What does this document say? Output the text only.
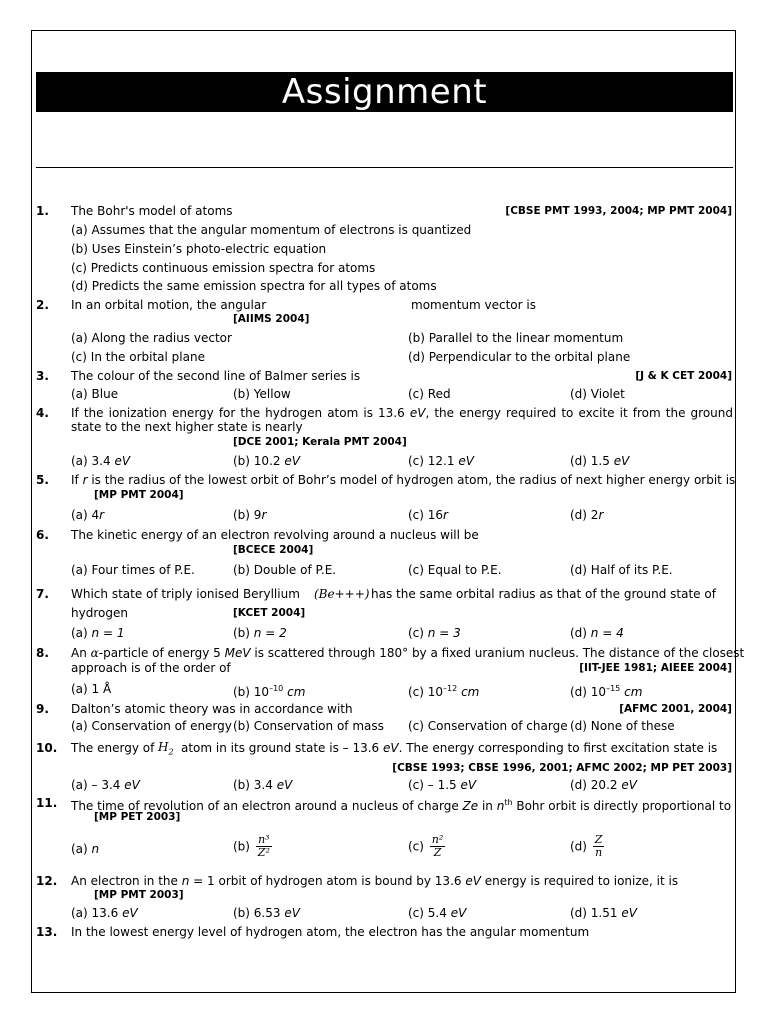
Assignment
1. The Bohr's model of atoms	[CBSE PMT 1993, 2004; MP PMT 2004]
(a) Assumes that the angular momentum of electrons is quantized
(b) Uses Einstein’s photo-electric equation
(c) Predicts continuous emission spectra for atoms
(d) Predicts the same emission spectra for all types of atoms
2. In an orbital motion, the angular	momentum vector is
[AIIMS 2004]
(a) Along the radius vector	(b) Parallel to the linear momentum
(c) In the orbital plane	(d) Perpendicular to the orbital plane
3. The colour of the second line of Balmer series is	[J & K CET 2004]
(a) Blue	(b) Yellow	(c) Red	(d) Violet
4. If the ionization energy for the hydrogen atom is 13.6 eV, the energy required to excite it from the ground state to the next higher state is nearly
[DCE 2001; Kerala PMT 2004]
(a) 3.4 eV	(b) 10.2 eV	(c) 12.1 eV	(d) 1.5 eV
5. If r is the radius of the lowest orbit of Bohr’s model of hydrogen atom, the radius of next higher energy orbit is
[MP PMT 2004]
(a) 4r	(b) 9r	(c) 16r	(d) 2r
6. The kinetic energy of an electron revolving around a nucleus will be
[BCECE 2004]
(a) Four times of P.E.	(b) Double of P.E.	(c) Equal to P.E.	(d) Half of its P.E.
7. Which state of triply ionised Beryllium (Be+++) has the same orbital radius as that of the ground state of
hydrogen	[KCET 2004]
(a) n = 1	(b) n = 2	(c) n = 3	(d) n = 4
8. An α-particle of energy 5 MeV is scattered through 180° by a fixed uranium nucleus. The distance of the closest
approach is of the order of	[IIT-JEE 1981; AIEEE 2004]
(a) 1 Å	(b) $10^{-10}$ cm	(c) $10^{-12}$ cm	(d) $10^{-15}$ cm
9. Dalton’s atomic theory was in accordance with	[AFMC 2001, 2004]
(a) Conservation of energy (b) Conservation of mass (c) Conservation of charge (d) None of these
10. The energy of $H_2$ atom in its ground state is – 13.6 eV. The energy corresponding to first excitation state is
[CBSE 1993; CBSE 1996, 2001; AFMC 2002; MP PET 2003]
(a) – 3.4 eV	(b) 3.4 eV	(c) – 1.5 eV	(d) 20.2 eV
11. The time of revolution of an electron around a nucleus of charge Ze in $n^{th}$ Bohr orbit is directly proportional to
[MP PET 2003]
(a) n	$(b) \frac{\text{n³}}{\text{Z²}}$	$(c) \frac{\text{n²}}{Z}$	$(d) \frac{Z}{n}$
12. An electron in the n = 1 orbit of hydrogen atom is bound by 13.6 eV energy is required to ionize, it is
[MP PMT 2003]
(a) 13.6 eV	(b) 6.53 eV	(c) 5.4 eV	(d) 1.51 eV
13. In the lowest energy level of hydrogen atom, the electron has the angular momentum
